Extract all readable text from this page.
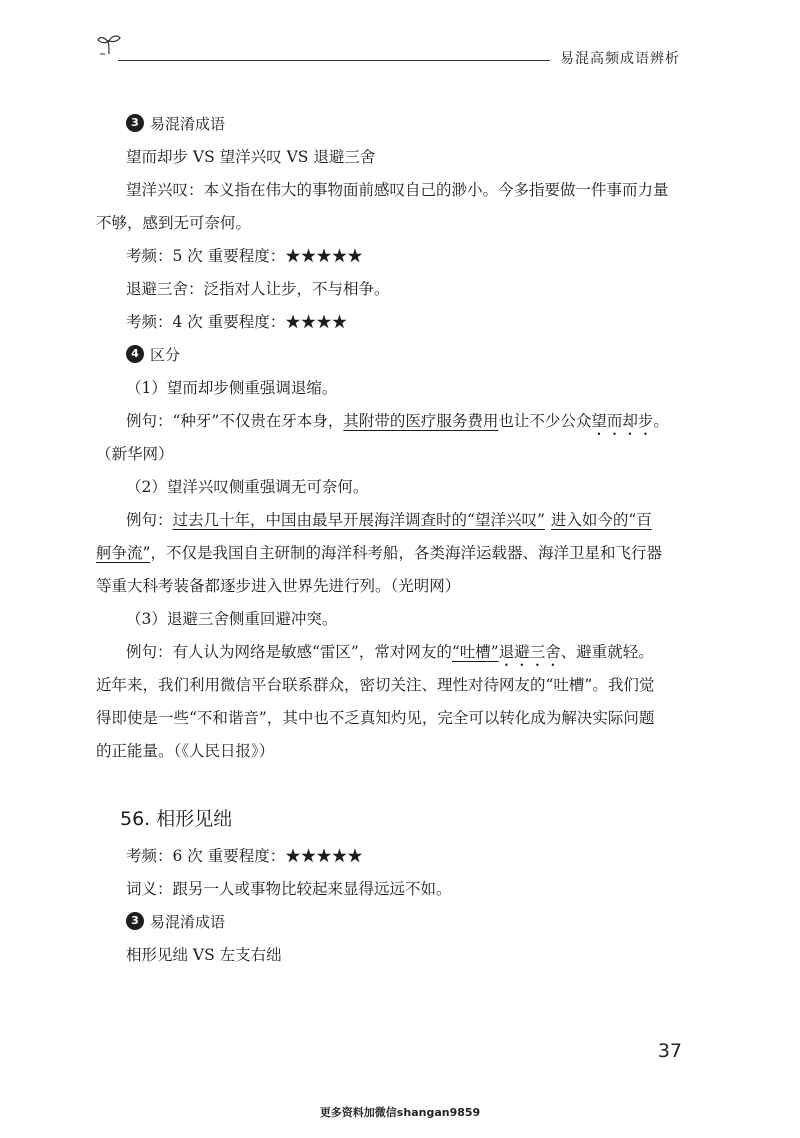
易混高频成语辨析
3 易混淆成语
望而却步 VS 望洋兴叹 VS 退避三舍
望洋兴叹：本义指在伟大的事物面前感叹自己的渺小。今多指要做一件事而力量
不够，感到无可奈何。
考频：5 次 重要程度：★★★★★
退避三舍：泛指对人让步，不与相争。
考频：4 次 重要程度：★★★★
4 区分
（1）望而却步侧重强调退缩。
例句：“种牙”不仅贵在牙本身，其附带的医疗服务费用也让不少公众望而却步。
（新华网）
（2）望洋兴叹侧重强调无可奈何。
例句：过去几十年，中国由最早开展海洋调查时的“望洋兴叹” 进入如今的“百
舸争流”，不仅是我国自主研制的海洋科考船，各类海洋运载器、海洋卫星和飞行器
等重大科考装备都逐步进入世界先进行列。（光明网）
（3）退避三舍侧重回避冲突。
例句：有人认为网络是敏感“雷区”，常对网友的“吐槽”退避三舍、避重就轻。
近年来，我们利用微信平台联系群众，密切关注、理性对待网友的“吐槽”。我们觉
得即使是一些“不和谐音”，其中也不乏真知灼见，完全可以转化成为解决实际问题
的正能量。（《人民日报》）
56. 相形见绌
考频：6 次 重要程度：★★★★★
词义：跟另一人或事物比较起来显得远远不如。
3 易混淆成语
相形见绌 VS 左支右绌
37
更多资料加微信shangan9859
